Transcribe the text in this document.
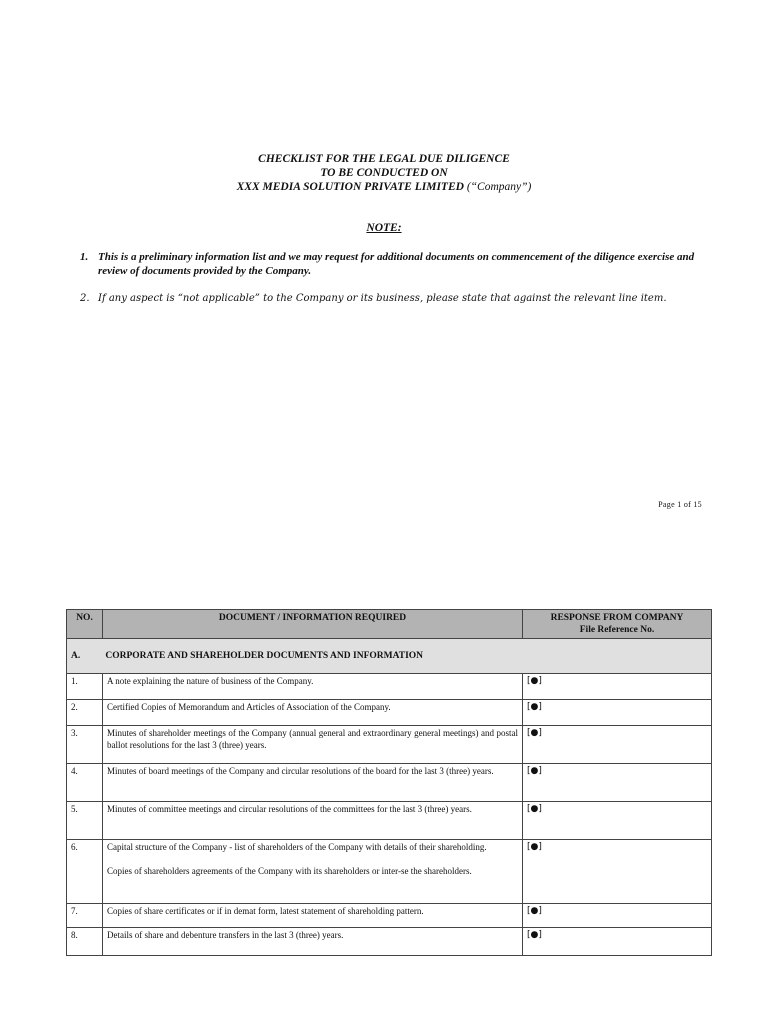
CHECKLIST FOR THE LEGAL DUE DILIGENCE
TO BE CONDUCTED ON
XXX MEDIA SOLUTION PRIVATE LIMITED (“Company”)
NOTE:
1. This is a preliminary information list and we may request for additional documents on commencement of the diligence exercise and review of documents provided by the Company.
2. If any aspect is “not applicable” to the Company or its business, please state that against the relevant line item.
Page 1 of 15
NO.	DOCUMENT / INFORMATION REQUIRED	RESPONSE FROM COMPANY
File Reference No.

A. CORPORATE AND SHAREHOLDER DOCUMENTS AND INFORMATION		
1.	A note explaining the nature of business of the Company.	[●]
2.	Certified Copies of Memorandum and Articles of Association of the Company.	[●]
3.	Minutes of shareholder meetings of the Company (annual general and extraordinary general meetings) and postal ballot resolutions for the last 3 (three) years.	[●]
4.	Minutes of board meetings of the Company and circular resolutions of the board for the last 3 (three) years.	[●]
5.	Minutes of committee meetings and circular resolutions of the committees for the last 3 (three) years.	[●]
6.	Capital structure of the Company - list of shareholders of the Company with details of their shareholding.

Copies of shareholders agreements of the Company with its shareholders or inter-se the shareholders.	[●]
7.	Copies of share certificates or if in demat form, latest statement of shareholding pattern.	[●]
8.	Details of share and debenture transfers in the last 3 (three) years.	[●]
